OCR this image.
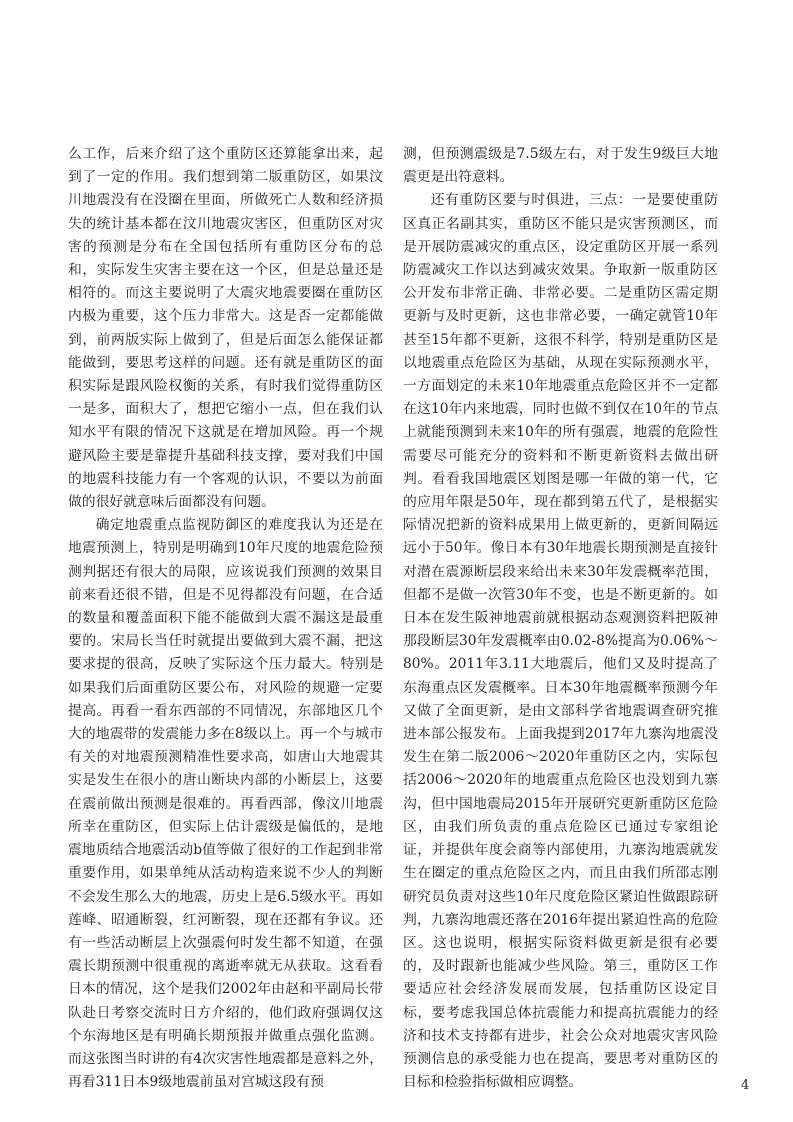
么工作，后来介绍了这个重防区还算能拿出来，起到了一定的作用。我们想到第二版重防区，如果汶川地震没有在没圈在里面，所做死亡人数和经济损失的统计基本都在汶川地震灾害区，但重防区对灾害的预测是分布在全国包括所有重防区分布的总和，实际发生灾害主要在这一个区，但是总量还是相符的。而这主要说明了大震灾地震要圈在重防区内极为重要，这个压力非常大。这是否一定都能做到，前两版实际上做到了，但是后面怎么能保证都能做到，要思考这样的问题。还有就是重防区的面积实际是跟风险权衡的关系，有时我们觉得重防区一是多，面积大了，想把它缩小一点，但在我们认知水平有限的情况下这就是在增加风险。再一个规避风险主要是靠提升基础科技支撑，要对我们中国的地震科技能力有一个客观的认识，不要以为前面做的很好就意味后面都没有问题。

确定地震重点监视防御区的难度我认为还是在地震预测上，特别是明确到10年尺度的地震危险预测判据还有很大的局限，应该说我们预测的效果目前来看还很不错，但是不见得都没有问题，在合适的数量和覆盖面积下能不能做到大震不漏这是最重要的。宋局长当任时就提出要做到大震不漏，把这要求提的很高，反映了实际这个压力最大。特别是如果我们后面重防区要公布，对风险的规避一定要提高。再看一看东西部的不同情况，东部地区几个大的地震带的发震能力多在8级以上。再一个与城市有关的对地震预测精准性要求高，如唐山大地震其实是发生在很小的唐山断块内部的小断层上，这要在震前做出预测是很难的。再看西部，像汶川地震所幸在重防区，但实际上估计震级是偏低的，是地震地质结合地震活动b值等做了很好的工作起到非常重要作用，如果单纯从活动构造来说不少人的判断不会发生那么大的地震，历史上是6.5级水平。再如莲峰、昭通断裂，红河断裂，现在还都有争议。还有一些活动断层上次强震何时发生都不知道，在强震长期预测中很重视的离逝率就无从获取。这看看日本的情况，这个是我们2002年由赵和平副局长带队赴日考察交流时日方介绍的，他们政府强调仅这个东海地区是有明确长期预报并做重点强化监测。而这张图当时讲的有4次灾害性地震都是意料之外，再看311日本9级地震前虽对宫城这段有预

测，但预测震级是7.5级左右，对于发生9级巨大地震更是出符意料。

还有重防区要与时俱进，三点：一是要使重防区真正名副其实，重防区不能只是灾害预测区，而是开展防震减灾的重点区，设定重防区开展一系列防震减灾工作以达到减灾效果。争取新一版重防区公开发布非常正确、非常必要。二是重防区需定期更新与及时更新，这也非常必要，一确定就管10年甚至15年都不更新，这很不科学，特别是重防区是以地震重点危险区为基础，从现在实际预测水平，一方面划定的未来10年地震重点危险区并不一定都在这10年内来地震，同时也做不到仅在10年的节点上就能预测到未来10年的所有强震，地震的危险性需要尽可能充分的资料和不断更新资料去做出研判。看看我国地震区划图是哪一年做的第一代，它的应用年限是50年，现在都到第五代了，是根据实际情况把新的资料成果用上做更新的，更新间隔远远小于50年。像日本有30年地震长期预测是直接针对潜在震源断层段来给出未来30年发震概率范围，但都不是做一次管30年不变，也是不断更新的。如日本在发生阪神地震前就根据动态观测资料把阪神那段断层30年发震概率由0.02-8%提高为0.06%～80%。2011年3.11大地震后，他们又及时提高了东海重点区发震概率。日本30年地震概率预测今年又做了全面更新，是由文部科学省地震调查研究推进本部公报发布。上面我提到2017年九寨沟地震没发生在第二版2006～2020年重防区之内，实际包括2006～2020年的地震重点危险区也没划到九寨沟，但中国地震局2015年开展研究更新重防区危险区，由我们所负责的重点危险区已通过专家组论证，并提供年度会商等内部使用，九寨沟地震就发生在圈定的重点危险区之内，而且由我们所邵志刚研究员负责对这些10年尺度危险区紧迫性做跟踪研判，九寨沟地震还落在2016年提出紧迫性高的危险区。这也说明，根据实际资料做更新是很有必要的，及时跟新也能减少些风险。第三，重防区工作要适应社会经济发展而发展，包括重防区设定目标，要考虑我国总体抗震能力和提高抗震能力的经济和技术支持都有进步，社会公众对地震灾害风险预测信息的承受能力也在提高，要思考对重防区的目标和检验指标做相应调整。	4
